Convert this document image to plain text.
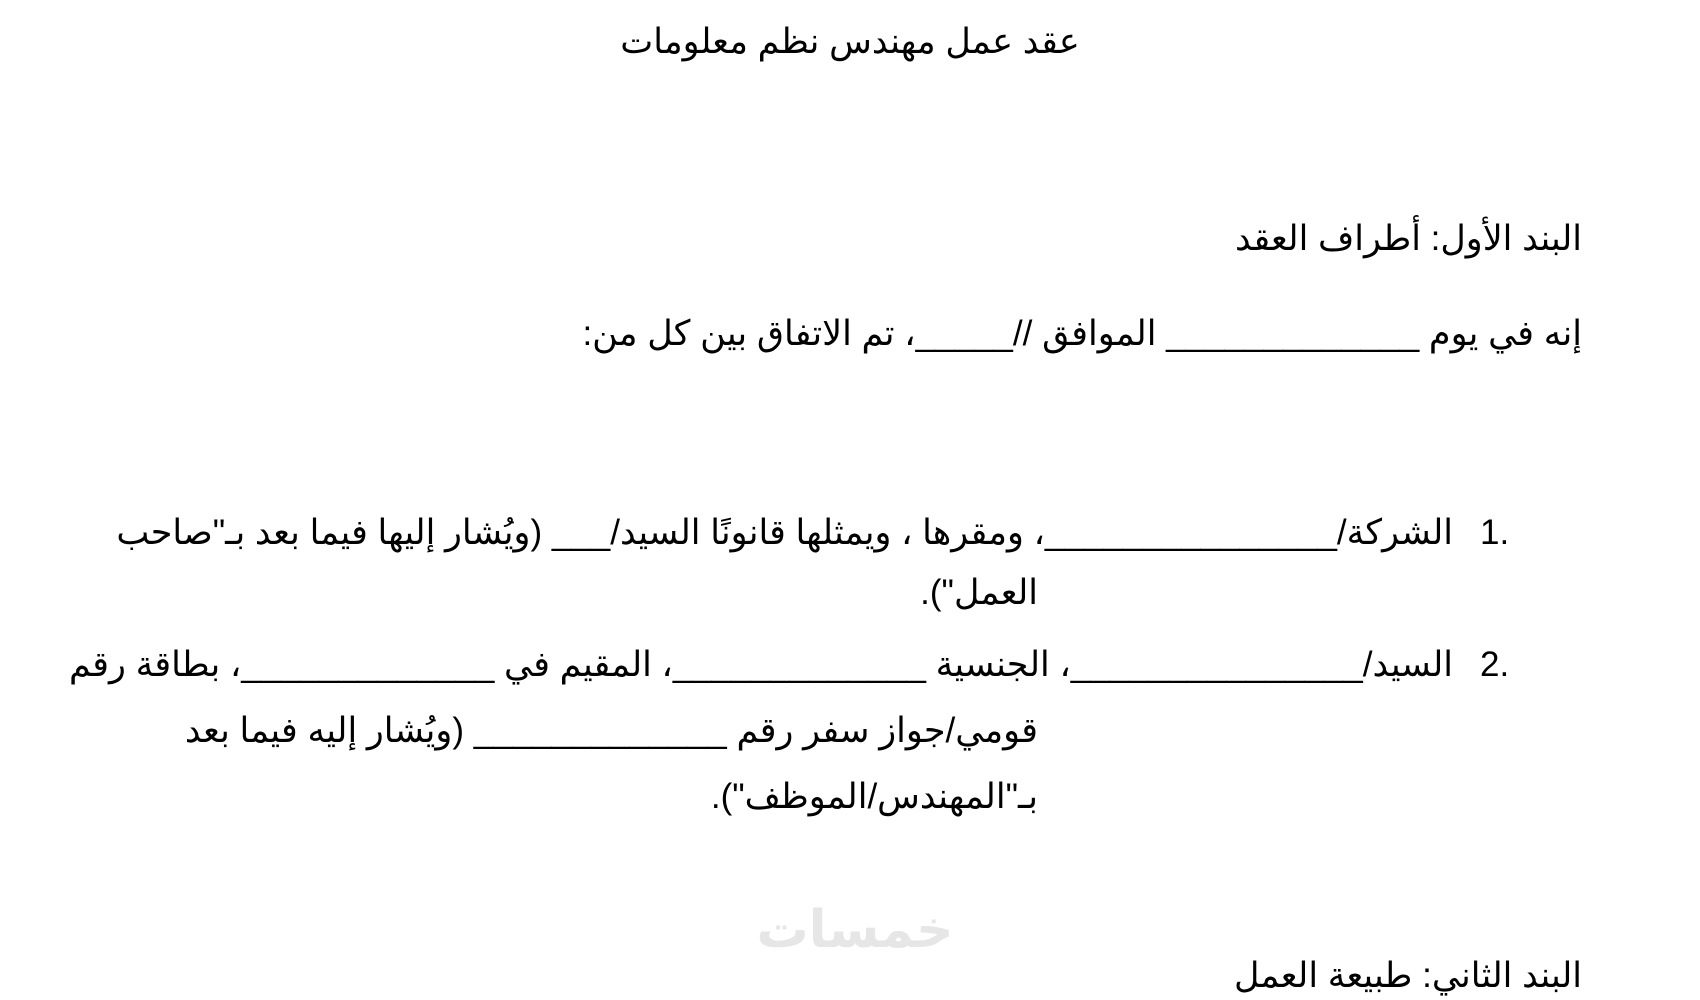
عقد عمل مهندس نظم معلومات
البند الأول: أطراف العقد
إنه في يوم _____________ الموافق //_____، تم الاتفاق بين كل من:
1.
الشركة/_______________، ومقرها ، ويمثلها قانونًا السيد/___ (ويُشار إليها فيما بعد بـ"صاحب
العمل").
2.
السيد/_______________، الجنسية _____________، المقيم في _____________، بطاقة رقم
قومي/جواز سفر رقم _____________ (ويُشار إليه فيما بعد
بـ"المهندس/الموظف").
خمسات
البند الثاني: طبيعة العمل
